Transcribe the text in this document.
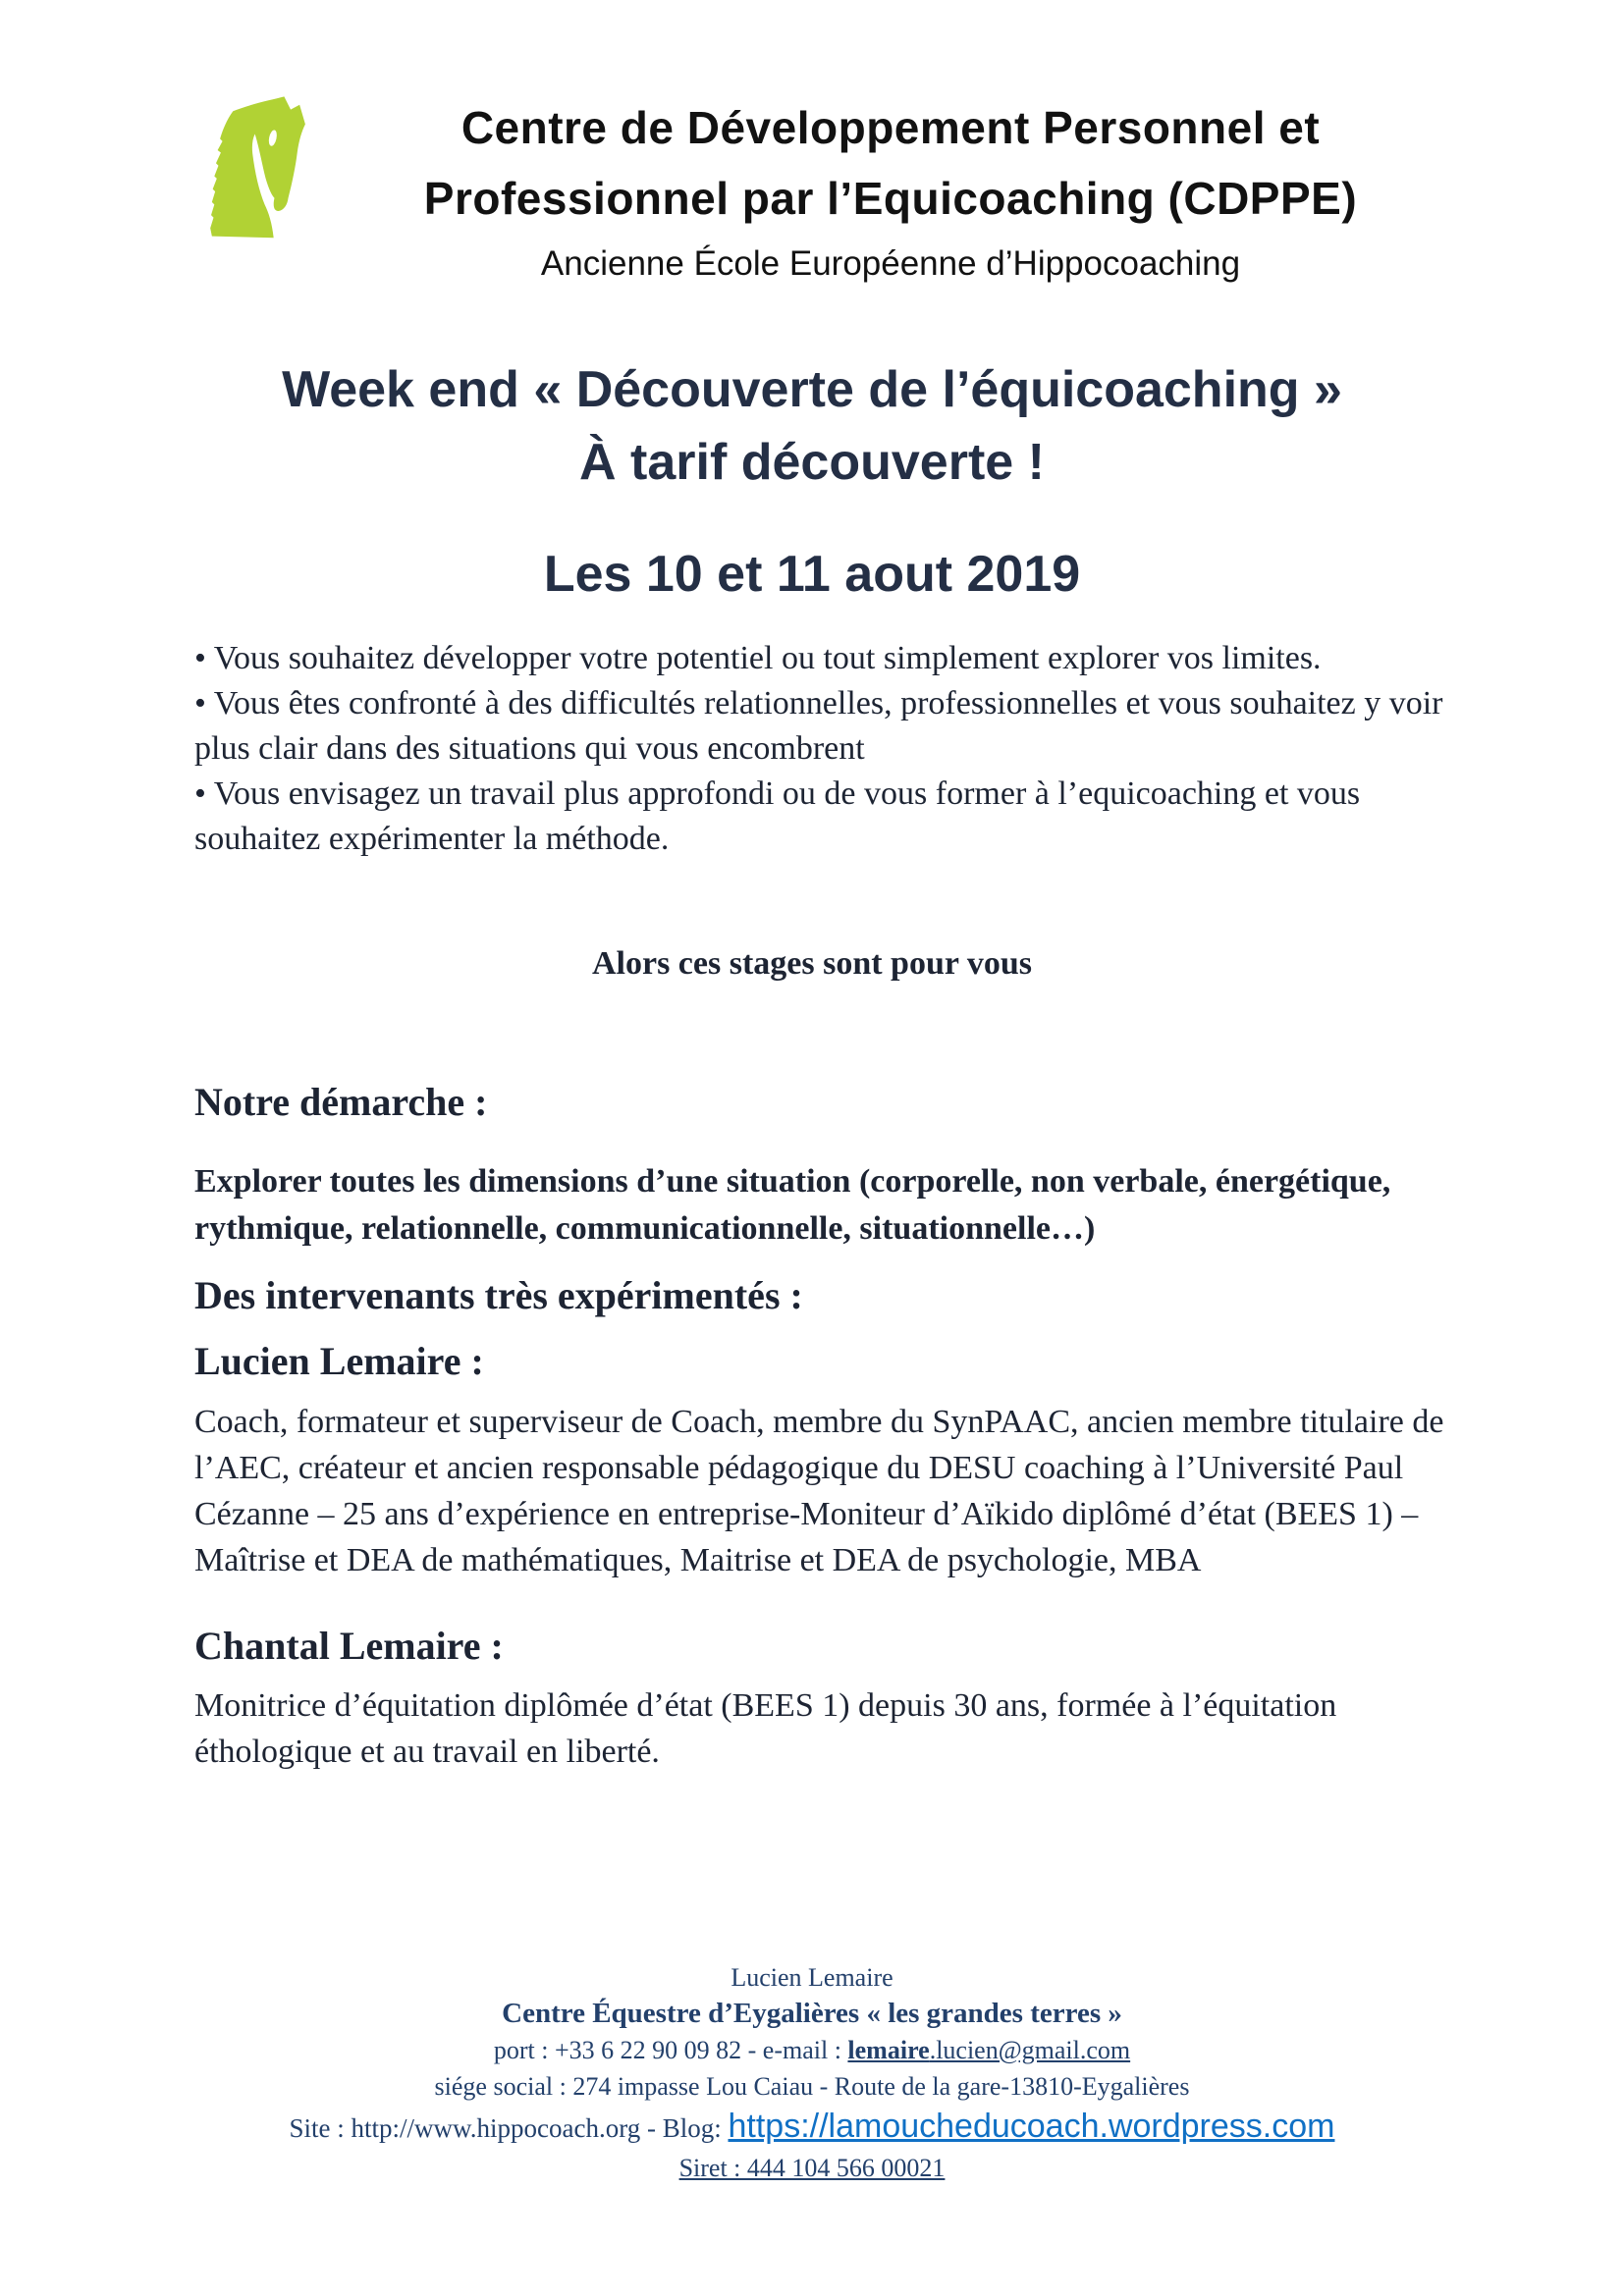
Centre de Développement Personnel et
Professionnel par l’Equicoaching (CDPPE)
Ancienne École Européenne d’Hippocoaching
Week end « Découverte de l’équicoaching »
À tarif découverte !
Les 10 et 11 aout 2019

• Vous souhaitez développer votre potentiel ou tout simplement explorer vos limites.

• Vous êtes confronté à des difficultés relationnelles, professionnelles et vous souhaitez y voir plus clair dans des situations qui vous encombrent

• Vous envisagez un travail plus approfondi ou de vous former à l’equicoaching et vous souhaitez expérimenter la méthode.

Alors ces stages sont pour vous
Notre démarche :
Explorer toutes les dimensions d’une situation (corporelle, non verbale, énergétique, rythmique, relationnelle, communicationnelle, situationnelle…)
Des intervenants très expérimentés :
Lucien Lemaire :
Coach, formateur et superviseur de Coach, membre du SynPAAC, ancien membre titulaire de l’AEC, créateur et ancien responsable pédagogique du DESU coaching à l’Université Paul Cézanne – 25 ans d’expérience en entreprise-Moniteur d’Aïkido diplômé d’état (BEES 1) – Maîtrise et DEA de mathématiques, Maitrise et DEA de psychologie, MBA
Chantal Lemaire :
Monitrice d’équitation diplômée d’état (BEES 1) depuis 30 ans, formée à l’équitation éthologique et au travail en liberté.
Lucien Lemaire
Centre Équestre d’Eygalières « les grandes terres »
port : +33 6 22 90 09 82 - e-mail : lemaire.lucien@gmail.com
siége social : 274 impasse Lou Caiau - Route de la gare-13810-Eygalières
Site : http://www.hippocoach.org - Blog: https://lamoucheducoach.wordpress.com
Siret : 444 104 566 00021
